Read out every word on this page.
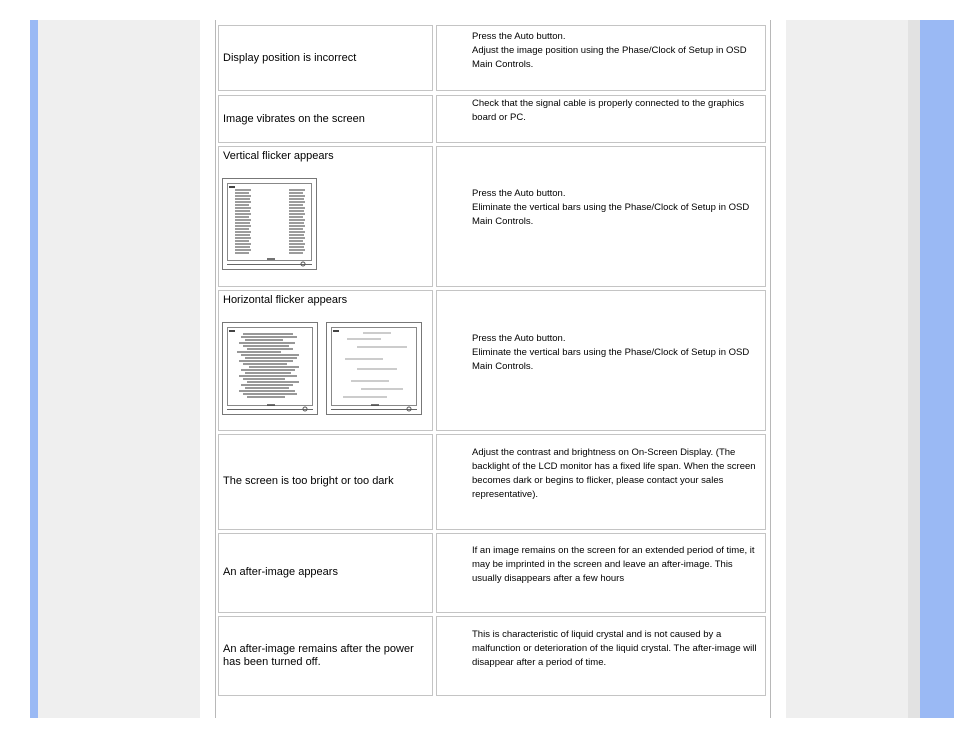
Display position is incorrect
Press the Auto button.
Adjust the image position using the Phase/Clock of Setup in OSD Main Controls.
Image vibrates on the screen
Check that the signal cable is properly connected to the graphics board or PC.
Vertical flicker appears
Press the Auto button.
Eliminate the vertical bars using the Phase/Clock of Setup in OSD Main Controls.
Horizontal flicker appears
Press the Auto button.
Eliminate the vertical bars using the Phase/Clock of Setup in OSD Main Controls.
The screen is too bright or too dark
Adjust the contrast and brightness on On-Screen Display. (The backlight of the LCD monitor has a fixed life span. When the screen becomes dark or begins to flicker, please contact your sales representative).
An after-image appears
If an image remains on the screen for an extended period of time, it may be imprinted in the screen and leave an after-image. This usually disappears after a few hours
An after-image remains after the power has been turned off.
This is characteristic of liquid crystal and is not caused by a malfunction or deterioration of the liquid crystal. The after-image will disappear after a period of time.
